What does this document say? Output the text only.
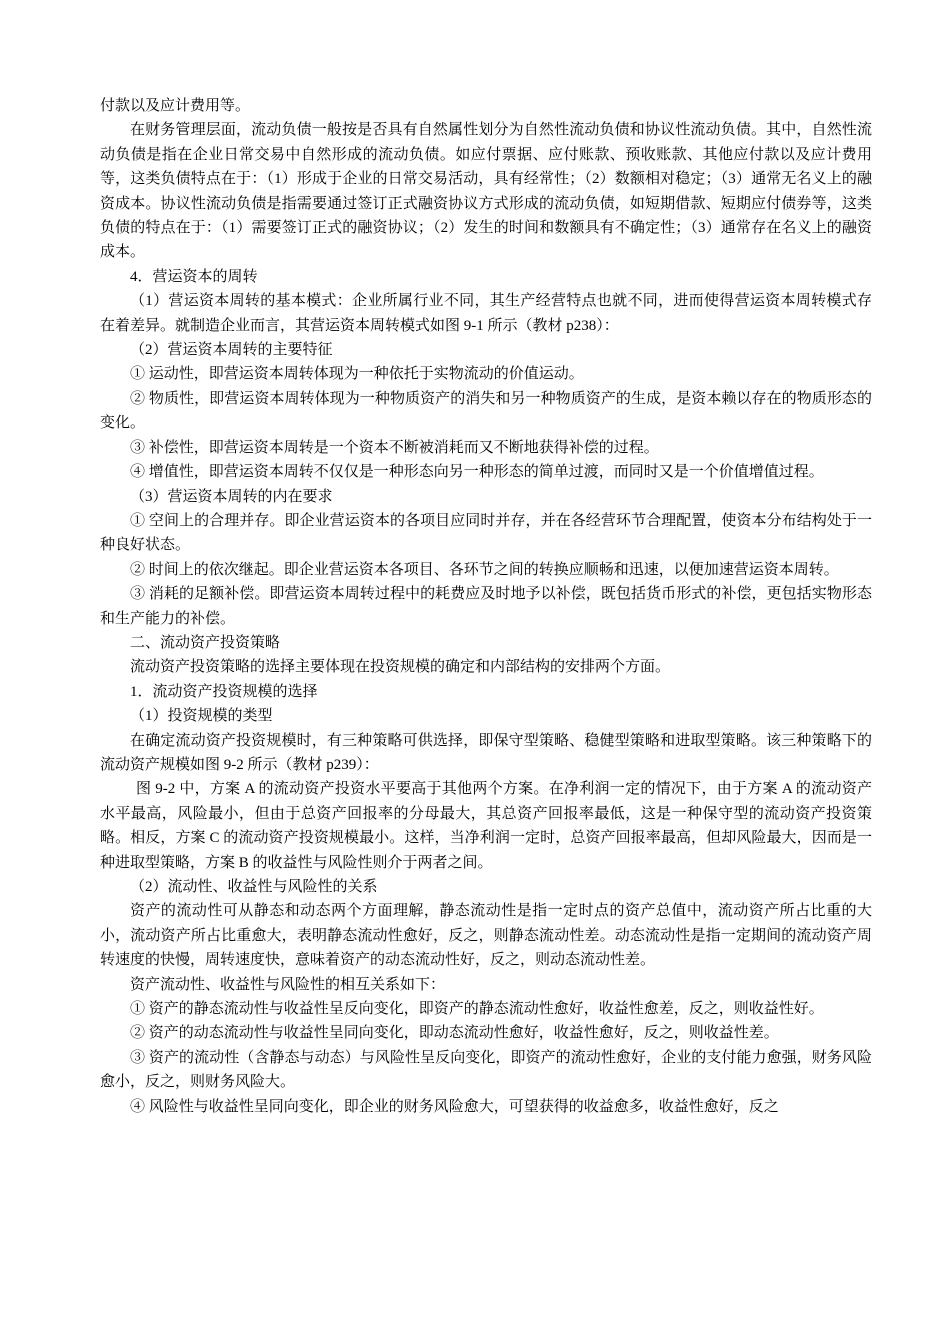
付款以及应计费用等。

在财务管理层面，流动负债一般按是否具有自然属性划分为自然性流动负债和协议性流动负债。其中，自然性流动负债是指在企业日常交易中自然形成的流动负债。如应付票据、应付账款、预收账款、其他应付款以及应计费用等，这类负债特点在于：（1）形成于企业的日常交易活动，具有经常性；（2）数额相对稳定；（3）通常无名义上的融资成本。协议性流动负债是指需要通过签订正式融资协议方式形成的流动负债，如短期借款、短期应付债券等，这类负债的特点在于：（1）需要签订正式的融资协议；（2）发生的时间和数额具有不确定性；（3）通常存在名义上的融资成本。

4．营运资本的周转

（1）营运资本周转的基本模式：企业所属行业不同，其生产经营特点也就不同，进而使得营运资本周转模式存在着差异。就制造企业而言，其营运资本周转模式如图 9-1 所示（教材 p238）：

（2）营运资本周转的主要特征

① 运动性，即营运资本周转体现为一种依托于实物流动的价值运动。

② 物质性，即营运资本周转体现为一种物质资产的消失和另一种物质资产的生成，是资本赖以存在的物质形态的变化。

③ 补偿性，即营运资本周转是一个资本不断被消耗而又不断地获得补偿的过程。

④ 增值性，即营运资本周转不仅仅是一种形态向另一种形态的简单过渡，而同时又是一个价值增值过程。

（3）营运资本周转的内在要求

① 空间上的合理并存。即企业营运资本的各项目应同时并存，并在各经营环节合理配置，使资本分布结构处于一种良好状态。

② 时间上的依次继起。即企业营运资本各项目、各环节之间的转换应顺畅和迅速，以便加速营运资本周转。

③ 消耗的足额补偿。即营运资本周转过程中的耗费应及时地予以补偿，既包括货币形式的补偿，更包括实物形态和生产能力的补偿。

二、流动资产投资策略

流动资产投资策略的选择主要体现在投资规模的确定和内部结构的安排两个方面。

1．流动资产投资规模的选择

（1）投资规模的类型

在确定流动资产投资规模时，有三种策略可供选择，即保守型策略、稳健型策略和进取型策略。该三种策略下的流动资产规模如图 9-2 所示（教材 p239）：

图 9-2 中，方案 A 的流动资产投资水平要高于其他两个方案。在净利润一定的情况下，由于方案 A 的流动资产水平最高，风险最小，但由于总资产回报率的分母最大，其总资产回报率最低，这是一种保守型的流动资产投资策略。相反，方案 C 的流动资产投资规模最小。这样，当净利润一定时，总资产回报率最高，但却风险最大，因而是一种进取型策略，方案 B 的收益性与风险性则介于两者之间。

（2）流动性、收益性与风险性的关系

资产的流动性可从静态和动态两个方面理解，静态流动性是指一定时点的资产总值中，流动资产所占比重的大小，流动资产所占比重愈大，表明静态流动性愈好，反之，则静态流动性差。动态流动性是指一定期间的流动资产周转速度的快慢，周转速度快，意味着资产的动态流动性好，反之，则动态流动性差。

资产流动性、收益性与风险性的相互关系如下：

① 资产的静态流动性与收益性呈反向变化，即资产的静态流动性愈好，收益性愈差，反之，则收益性好。

② 资产的动态流动性与收益性呈同向变化，即动态流动性愈好，收益性愈好，反之，则收益性差。

③ 资产的流动性（含静态与动态）与风险性呈反向变化，即资产的流动性愈好，企业的支付能力愈强，财务风险愈小，反之，则财务风险大。

④ 风险性与收益性呈同向变化，即企业的财务风险愈大，可望获得的收益愈多，收益性愈好，反之
